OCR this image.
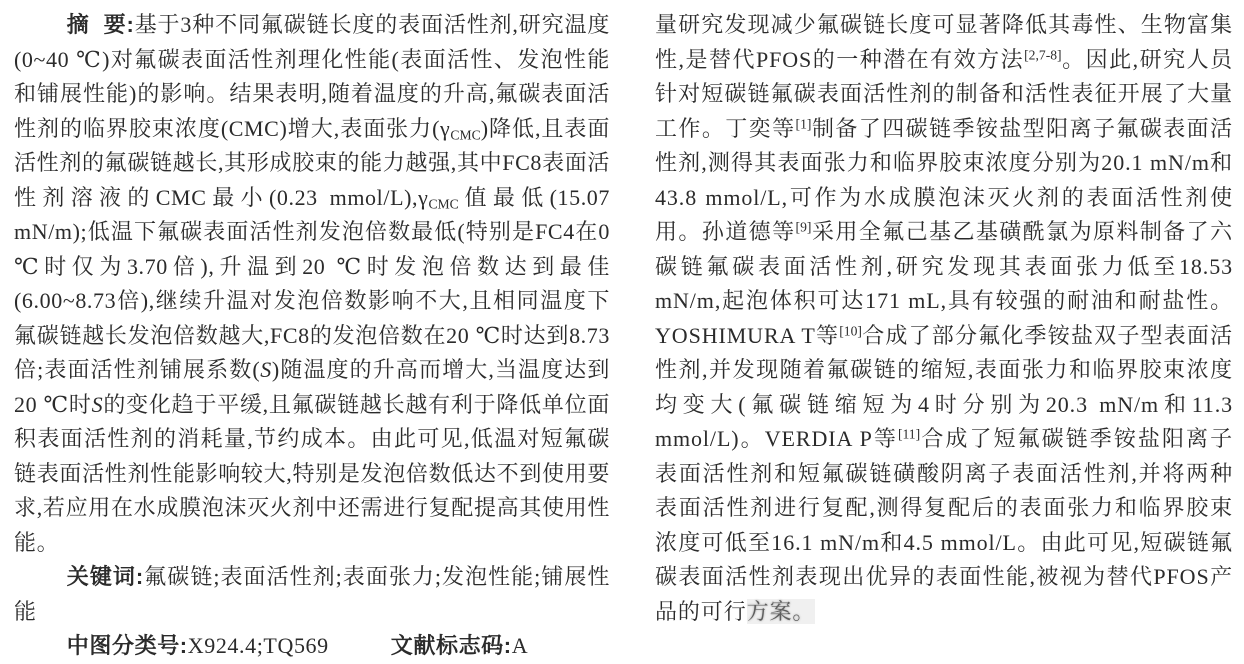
摘  要:基于3种不同氟碳链长度的表面活性剂,研究温度(0~40 ℃)对氟碳表面活性剂理化性能(表面活性、发泡性能和铺展性能)的影响。结果表明,随着温度的升高,氟碳表面活性剂的临界胶束浓度(CMC)增大,表面张力$(\gamma_{CMC})$降低,且表面活性剂的氟碳链越长,其形成胶束的能力越强,其中FC8表面活性剂溶液的CMC最小(0.23 mmol/$L),\gamma_{CMC}$值最低(15.07 mN/m);低温下氟碳表面活性剂发泡倍数最低(特别是FC4在0 ℃时仅为3.70倍),升温到20 ℃时发泡倍数达到最佳(6.00~8.73倍),继续升温对发泡倍数影响不大,且相同温度下氟碳链越长发泡倍数越大,FC8的发泡倍数在20 ℃时达到8.73倍;表面活性剂铺展系数(S)随温度的升高而增大,当温度达到20 ℃时S的变化趋于平缓,且氟碳链越长越有利于降低单位面积表面活性剂的消耗量,节约成本。由此可见,低温对短氟碳链表面活性剂性能影响较大,特别是发泡倍数低达不到使用要求,若应用在水成膜泡沫灭火剂中还需进行复配提高其使用性能。

关键词:氟碳链;表面活性剂;表面张力;发泡性能;铺展性能

中图分类号:X924.4;TQ569	文献标志码:A

量研究发现减少氟碳链长度可显著降低其毒性、生物富集性,是替代PFOS的一种潜在有效方法[2,7-8]。因此,研究人员针对短碳链氟碳表面活性剂的制备和活性表征开展了大量工作。丁奕等[1]制备了四碳链季铵盐型阳离子氟碳表面活性剂,测得其表面张力和临界胶束浓度分别为20.1 mN/m和43.8 mmol/L,可作为水成膜泡沫灭火剂的表面活性剂使用。孙道德等[9]采用全氟己基乙基磺酰氯为原料制备了六碳链氟碳表面活性剂,研究发现其表面张力低至18.53 mN/m,起泡体积可达171 mL,具有较强的耐油和耐盐性。YOSHIMURA T等[10]合成了部分氟化季铵盐双子型表面活性剂,并发现随着氟碳链的缩短,表面张力和临界胶束浓度均变大(氟碳链缩短为4时分别为20.3 mN/m和11.3 mmol/L)。VERDIA P等[11]合成了短氟碳链季铵盐阳离子表面活性剂和短氟碳链磺酸阴离子表面活性剂,并将两种表面活性剂进行复配,测得复配后的表面张力和临界胶束浓度可低至16.1 mN/m和4.5 mmol/L。由此可见,短碳链氟碳表面活性剂表现出优异的表面性能,被视为替代PFOS产品的可行方案。
